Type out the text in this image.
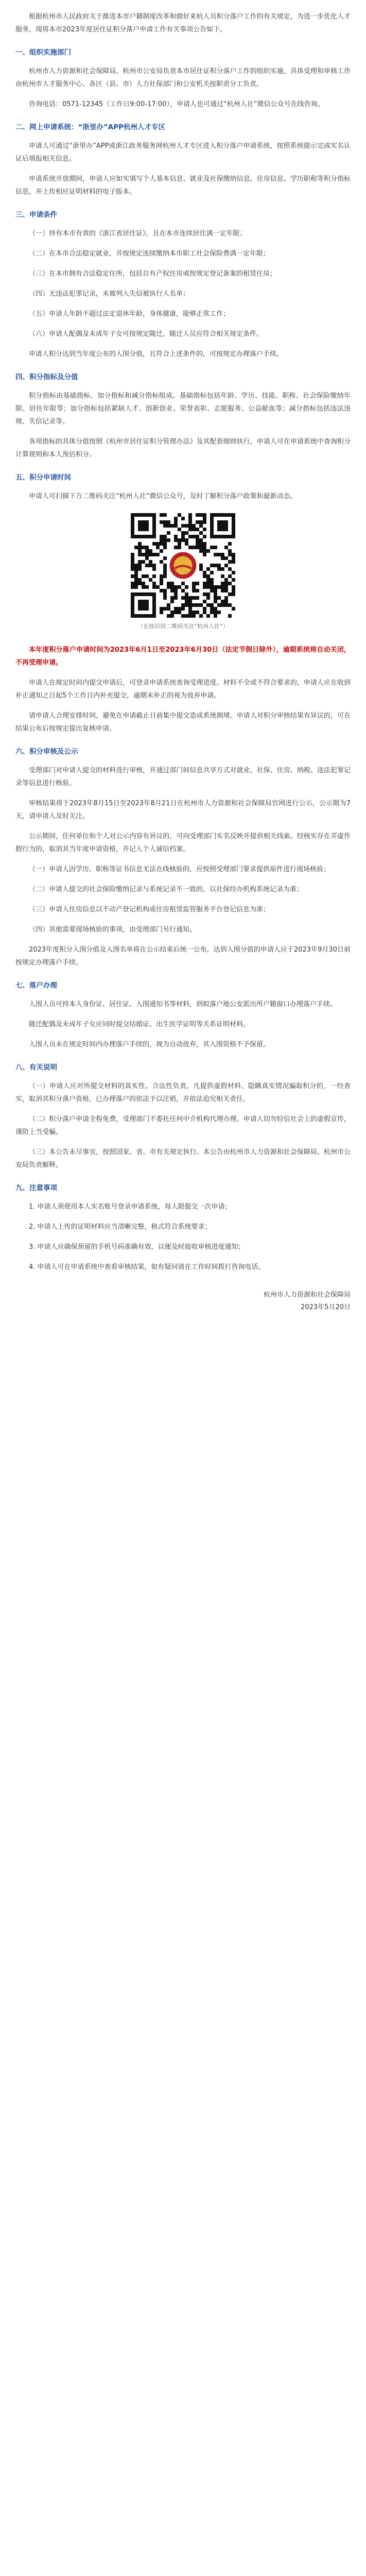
根据杭州市人民政府关于推进本市户籍制度改革和做好来杭人员积分落户工作的有关规定，为进一步优化人才服务，现将本市2023年度居住证积分落户申请工作有关事项公告如下。

一、组织实施部门

杭州市人力资源和社会保障局、杭州市公安局负责本市居住证积分落户工作的组织实施，具体受理和审核工作由杭州市人才服务中心、各区（县、市）人力社保部门和公安机关按职责分工负责。

咨询电话：0571-12345（工作日9:00-17:00），申请人也可通过“杭州人社”微信公众号在线咨询。

二、网上申请系统：“浙里办”APP杭州人才专区

申请人可通过“浙里办”APP或浙江政务服务网杭州人才专区进入积分落户申请系统，按照系统提示完成实名认证后填报相关信息。

申请系统开放期间，申请人应如实填写个人基本信息、就业及社保缴纳信息、住房信息、学历职称等积分指标信息，并上传相应证明材料的电子版本。

三、申请条件

（一）持有本市有效的《浙江省居住证》，且在本市连续居住满一定年限；

（二）在本市合法稳定就业，并按规定连续缴纳本市职工社会保险费满一定年限；

（三）在本市拥有合法稳定住所，包括自有产权住房或按规定登记备案的租赁住房；

（四）无违法犯罪记录，未被列入失信被执行人名单；

（五）申请人年龄不超过法定退休年龄，身体健康，能够正常工作；

（六）申请人配偶及未成年子女可按规定随迁，随迁人员应符合相关规定条件。

申请人积分达到当年度公布的入围分值，且符合上述条件的，可按规定办理落户手续。

四、积分指标及分值

积分指标由基础指标、加分指标和减分指标组成。基础指标包括年龄、学历、技能、职称、社会保险缴纳年限、居住年限等；加分指标包括紧缺人才、创新创业、荣誉表彰、志愿服务、公益献血等；减分指标包括违法违规、失信记录等。

各项指标的具体分值按照《杭州市居住证积分管理办法》及其配套细则执行，申请人可在申请系统中查询积分计算规则和本人预估积分。

五、积分申请时间

申请人可扫描下方二维码关注“杭州人社”微信公众号，及时了解积分落户政策和最新动态。

（长按识别二维码关注“杭州人社”）

本年度积分落户申请时间为2023年6月1日至2023年6月30日（法定节假日除外），逾期系统将自动关闭，不再受理申请。

申请人在规定时间内提交申请后，可登录申请系统查询受理进度。材料不全或不符合要求的，申请人应在收到补正通知之日起5个工作日内补充提交，逾期未补正的视为放弃申请。

请申请人合理安排时间，避免在申请截止日前集中提交造成系统拥堵。申请人对积分审核结果有异议的，可在结果公布后按规定提出复核申请。

六、积分审核及公示

受理部门对申请人提交的材料进行审核，并通过部门间信息共享方式对就业、社保、住房、纳税、违法犯罪记录等信息进行核验。

审核结果将于2023年8月15日至2023年8月21日在杭州市人力资源和社会保障局官网进行公示，公示期为7天，请申请人及时关注。

公示期间，任何单位和个人对公示内容有异议的，可向受理部门实名反映并提供相关线索。经核实存在弄虚作假行为的，取消其当年度申请资格，并记入个人诚信档案。

（一）申请人因学历、职称等证书信息无法在线核验的，应按照受理部门要求提供原件进行现场核验；

（二）申请人提交的社会保险缴纳记录与系统记录不一致的，以社保经办机构系统记录为准；

（三）申请人住房信息以不动产登记机构或住房租赁监管服务平台登记信息为准；

（四）其他需要现场核验的事项，由受理部门另行通知。

2023年度积分入围分值及入围名单将在公示结束后统一公布，达到入围分值的申请人应于2023年9月30日前按规定办理落户手续。

七、落户办理

入围人员可持本人身份证、居住证、入围通知书等材料，到拟落户地公安派出所户籍窗口办理落户手续。

随迁配偶及未成年子女应同时提交结婚证、出生医学证明等关系证明材料。

入围人员未在规定时间内办理落户手续的，视为自动放弃，其入围资格不予保留。

八、有关说明

（一）申请人应对所提交材料的真实性、合法性负责。凡提供虚假材料、隐瞒真实情况骗取积分的，一经查实，取消其积分落户资格，已办理落户的依法予以注销，并依法追究相关责任。

（二）积分落户申请全程免费，受理部门不委托任何中介机构代理办理。申请人切勿轻信社会上的虚假宣传，谨防上当受骗。

（三）本公告未尽事宜，按照国家、省、市有关规定执行。本公告由杭州市人力资源和社会保障局、杭州市公安局负责解释。

九、注意事项

1. 申请人须使用本人实名账号登录申请系统，每人限提交一次申请；

2. 申请人上传的证明材料应当清晰完整，格式符合系统要求；

3. 申请人应确保预留的手机号码准确有效，以便及时接收审核进度通知；

4. 申请人可在申请系统中查看审核结果，如有疑问请在工作时间拨打咨询电话。

杭州市人力资源和社会保障局
2023年5月20日
